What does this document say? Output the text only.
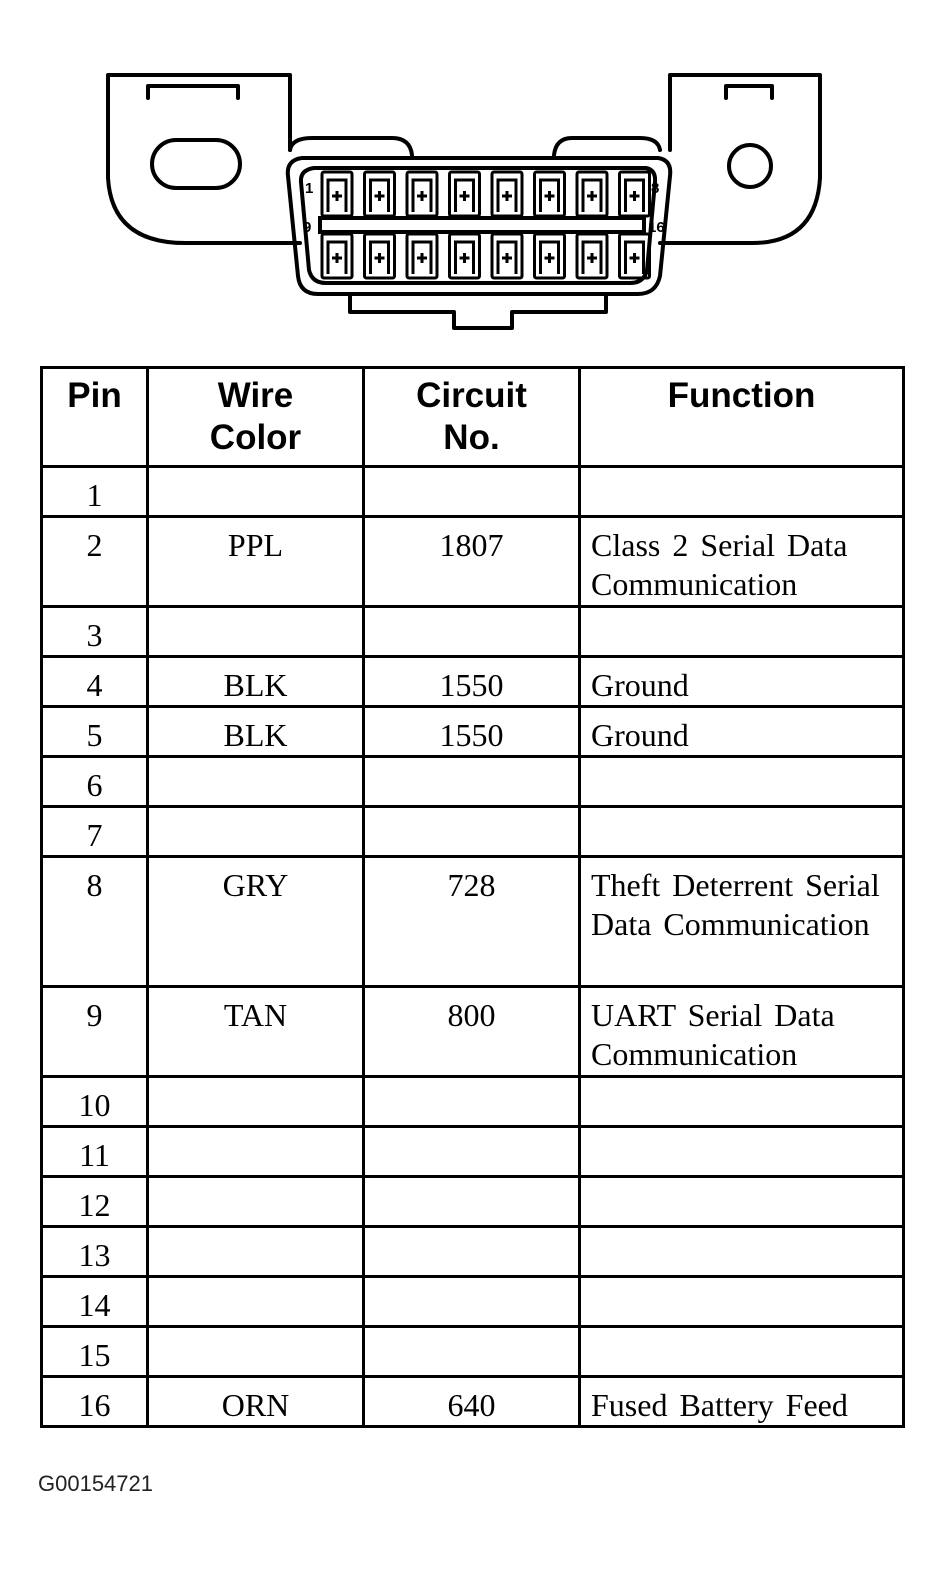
1	8
9	16
Pin	Wire Color	Circuit No.	Function
1			
2	PPL	1807	Class 2 Serial Data Communication
3			
4	BLK	1550	Ground
5	BLK	1550	Ground
6			
7			
8	GRY	728	Theft Deterrent Serial Data Communication
9	TAN	800	UART Serial Data Communication
10			
11			
12			
13			
14			
15			
16	ORN	640	Fused Battery Feed
G00154721
